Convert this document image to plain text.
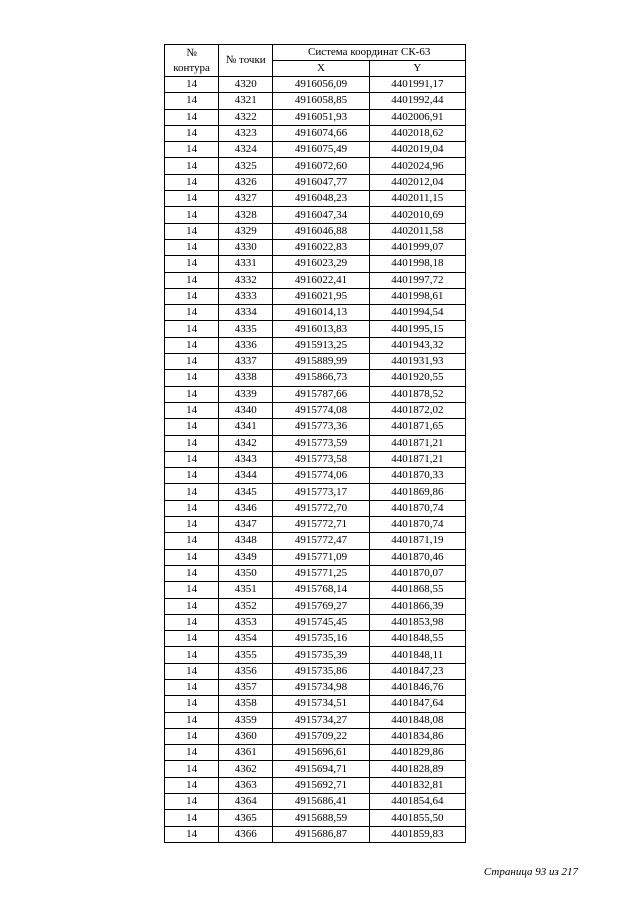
№
контура	№ точки	Система координат СК-63	
		X	Y
14	4320	4916056,09	4401991,17
14	4321	4916058,85	4401992,44
14	4322	4916051,93	4402006,91
14	4323	4916074,66	4402018,62
14	4324	4916075,49	4402019,04
14	4325	4916072,60	4402024,96
14	4326	4916047,77	4402012,04
14	4327	4916048,23	4402011,15
14	4328	4916047,34	4402010,69
14	4329	4916046,88	4402011,58
14	4330	4916022,83	4401999,07
14	4331	4916023,29	4401998,18
14	4332	4916022,41	4401997,72
14	4333	4916021,95	4401998,61
14	4334	4916014,13	4401994,54
14	4335	4916013,83	4401995,15
14	4336	4915913,25	4401943,32
14	4337	4915889,99	4401931,93
14	4338	4915866,73	4401920,55
14	4339	4915787,66	4401878,52
14	4340	4915774,08	4401872,02
14	4341	4915773,36	4401871,65
14	4342	4915773,59	4401871,21
14	4343	4915773,58	4401871,21
14	4344	4915774,06	4401870,33
14	4345	4915773,17	4401869,86
14	4346	4915772,70	4401870,74
14	4347	4915772,71	4401870,74
14	4348	4915772,47	4401871,19
14	4349	4915771,09	4401870,46
14	4350	4915771,25	4401870,07
14	4351	4915768,14	4401868,55
14	4352	4915769,27	4401866,39
14	4353	4915745,45	4401853,98
14	4354	4915735,16	4401848,55
14	4355	4915735,39	4401848,11
14	4356	4915735,86	4401847,23
14	4357	4915734,98	4401846,76
14	4358	4915734,51	4401847,64
14	4359	4915734,27	4401848,08
14	4360	4915709,22	4401834,86
14	4361	4915696,61	4401829,86
14	4362	4915694,71	4401828,89
14	4363	4915692,71	4401832,81
14	4364	4915686,41	4401854,64
14	4365	4915688,59	4401855,50
14	4366	4915686,87	4401859,83
Страница 93 из 217
